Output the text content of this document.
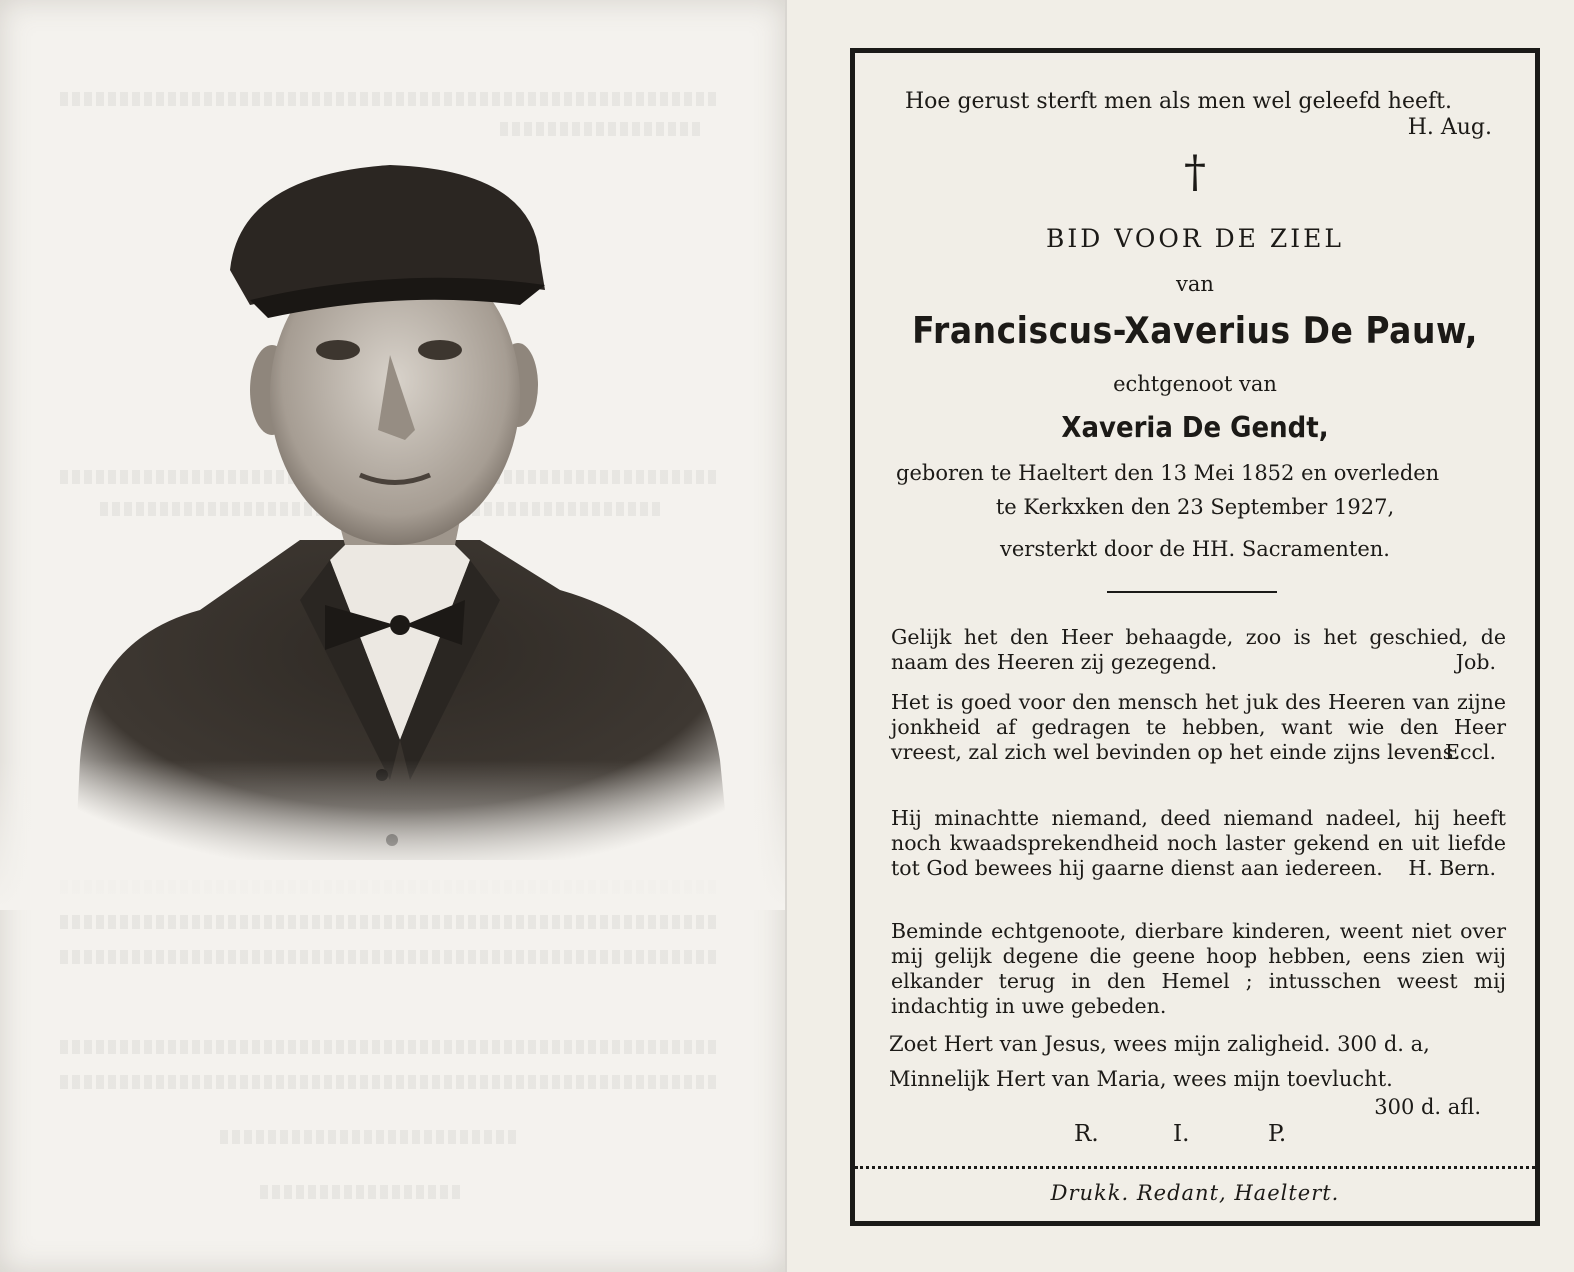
Hoe gerust sterft men als men wel geleefd heeft.
H. Aug.
†
BID VOOR DE ZIEL
van
Franciscus-Xaverius De Pauw,
echtgenoot van
Xaveria De Gendt,
geboren te Haeltert den 13 Mei 1852 en overleden
te Kerkxken den 23 September 1927,
versterkt door de HH. Sacramenten.

Gelijk het den Heer behaagde, zoo is het geschied, de naam des Heeren zij gezegend.	Job.

Het is goed voor den mensch het juk des Heeren van zijne jonkheid af gedragen te hebben, want wie den Heer vreest, zal zich wel bevinden op het einde zijns levens.
Eccl.

Hij minachtte niemand, deed niemand nadeel, hij heeft noch kwaadsprekendheid noch laster gekend en uit liefde tot God bewees hij gaarne dienst aan iedereen. H. Bern.

Beminde echtgenoote, dierbare kinderen, weent niet over mij gelijk degene die geene hoop hebben, eens zien wij elkander terug in den Hemel ; intusschen weest mij indachtig in uwe gebeden.

Zoet Hert van Jesus, wees mijn zaligheid. 300 d. a,
Minnelijk Hert van Maria, wees mijn toevlucht.
300 d. afl.
R.	I.	P.
Drukk. Redant, Haeltert.
